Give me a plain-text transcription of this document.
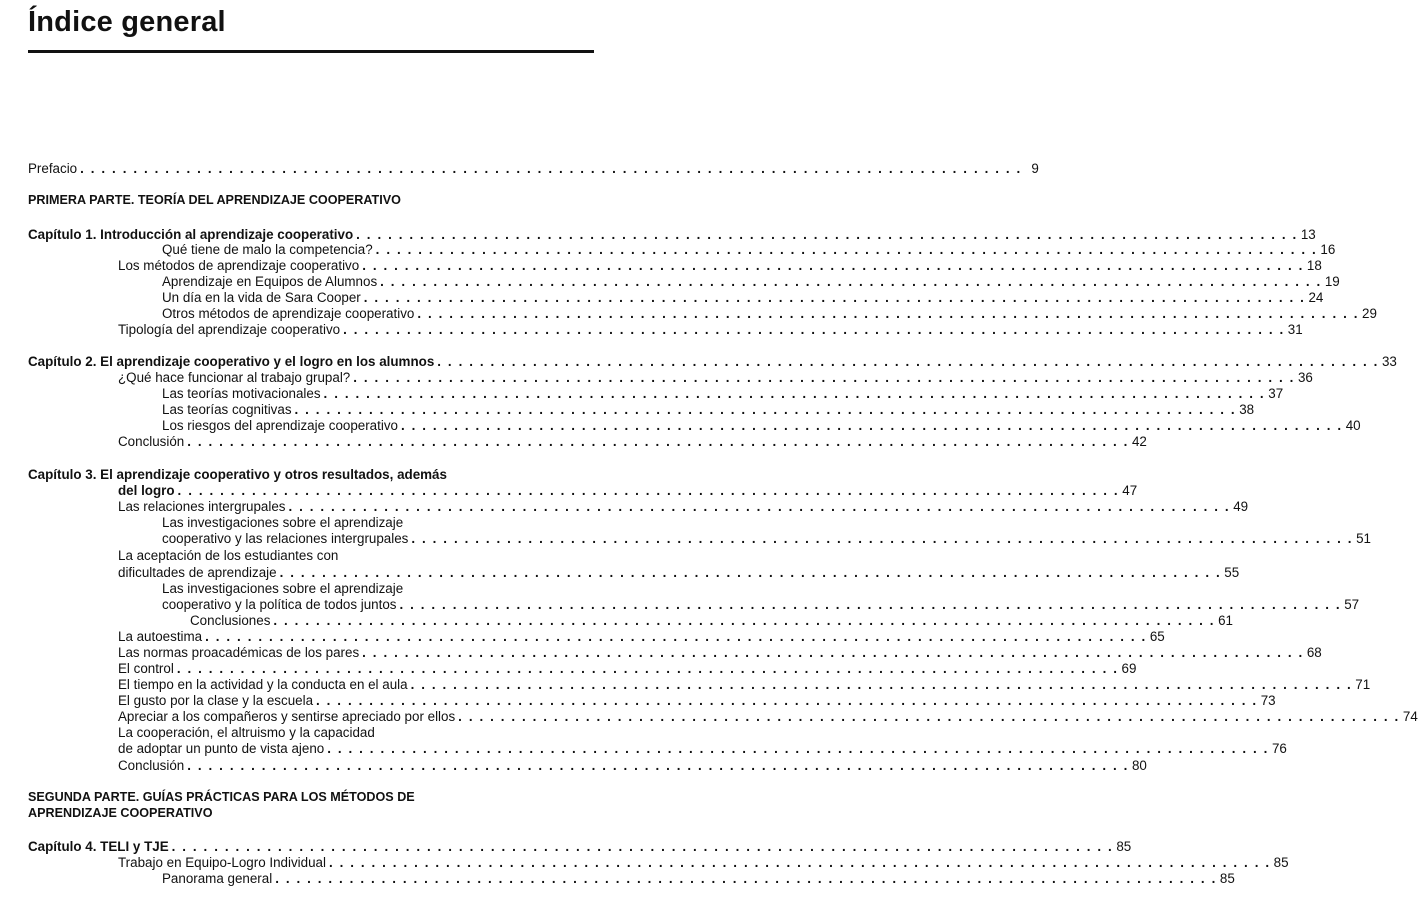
Índice general
Prefacio . . . . . . . . . . . . . . . . . . . . . . . . . . . . . . . . . . . . . . . . . . . . . . . . . . . . . . . . . . . . . . . . . . . . . . . . . . . . . . . . . . . . . . . . . 9
PRIMERA PARTE. TEORÍA DEL APRENDIZAJE COOPERATIVO
Capítulo 1. Introducción al aprendizaje cooperativo . . . . . . . . . . . . . . . . . . . . . . . . . . . . . . . . . . . . . . . . . . . . . . . . . . . . . . . . . . . . . . . . . . . . . . . . . . . . . . . . . . . . . . . . . 13
Qué tiene de malo la competencia? . . . . . . . . . . . . . . . . . . . . . . . . . . . . . . . . . . . . . . . . . . . . . . . . . . . . . . . . . . . . . . . . . . . . . . . . . . . . . . . . . . . . . . . . . 16
Los métodos de aprendizaje cooperativo . . . . . . . . . . . . . . . . . . . . . . . . . . . . . . . . . . . . . . . . . . . . . . . . . . . . . . . . . . . . . . . . . . . . . . . . . . . . . . . . . . . . . . . . . 18
Aprendizaje en Equipos de Alumnos . . . . . . . . . . . . . . . . . . . . . . . . . . . . . . . . . . . . . . . . . . . . . . . . . . . . . . . . . . . . . . . . . . . . . . . . . . . . . . . . . . . . . . . . . 19
Un día en la vida de Sara Cooper . . . . . . . . . . . . . . . . . . . . . . . . . . . . . . . . . . . . . . . . . . . . . . . . . . . . . . . . . . . . . . . . . . . . . . . . . . . . . . . . . . . . . . . . . 24
Otros métodos de aprendizaje cooperativo . . . . . . . . . . . . . . . . . . . . . . . . . . . . . . . . . . . . . . . . . . . . . . . . . . . . . . . . . . . . . . . . . . . . . . . . . . . . . . . . . . . . . . . . . 29
Tipología del aprendizaje cooperativo . . . . . . . . . . . . . . . . . . . . . . . . . . . . . . . . . . . . . . . . . . . . . . . . . . . . . . . . . . . . . . . . . . . . . . . . . . . . . . . . . . . . . . . . . 31
Capítulo 2. El aprendizaje cooperativo y el logro en los alumnos . . . . . . . . . . . . . . . . . . . . . . . . . . . . . . . . . . . . . . . . . . . . . . . . . . . . . . . . . . . . . . . . . . . . . . . . . . . . . . . . . . . . . . . . . 33
¿Qué hace funcionar al trabajo grupal? . . . . . . . . . . . . . . . . . . . . . . . . . . . . . . . . . . . . . . . . . . . . . . . . . . . . . . . . . . . . . . . . . . . . . . . . . . . . . . . . . . . . . . . . . 36
Las teorías motivacionales . . . . . . . . . . . . . . . . . . . . . . . . . . . . . . . . . . . . . . . . . . . . . . . . . . . . . . . . . . . . . . . . . . . . . . . . . . . . . . . . . . . . . . . . . 37
Las teorías cognitivas . . . . . . . . . . . . . . . . . . . . . . . . . . . . . . . . . . . . . . . . . . . . . . . . . . . . . . . . . . . . . . . . . . . . . . . . . . . . . . . . . . . . . . . . . 38
Los riesgos del aprendizaje cooperativo . . . . . . . . . . . . . . . . . . . . . . . . . . . . . . . . . . . . . . . . . . . . . . . . . . . . . . . . . . . . . . . . . . . . . . . . . . . . . . . . . . . . . . . . . 40
Conclusión . . . . . . . . . . . . . . . . . . . . . . . . . . . . . . . . . . . . . . . . . . . . . . . . . . . . . . . . . . . . . . . . . . . . . . . . . . . . . . . . . . . . . . . . . 42
Capítulo 3. El aprendizaje cooperativo y otros resultados, además
del logro . . . . . . . . . . . . . . . . . . . . . . . . . . . . . . . . . . . . . . . . . . . . . . . . . . . . . . . . . . . . . . . . . . . . . . . . . . . . . . . . . . . . . . . . . 47
Las relaciones intergrupales . . . . . . . . . . . . . . . . . . . . . . . . . . . . . . . . . . . . . . . . . . . . . . . . . . . . . . . . . . . . . . . . . . . . . . . . . . . . . . . . . . . . . . . . . 49
Las investigaciones sobre el aprendizaje
cooperativo y las relaciones intergrupales . . . . . . . . . . . . . . . . . . . . . . . . . . . . . . . . . . . . . . . . . . . . . . . . . . . . . . . . . . . . . . . . . . . . . . . . . . . . . . . . . . . . . . . . . 51
La aceptación de los estudiantes con
dificultades de aprendizaje . . . . . . . . . . . . . . . . . . . . . . . . . . . . . . . . . . . . . . . . . . . . . . . . . . . . . . . . . . . . . . . . . . . . . . . . . . . . . . . . . . . . . . . . . 55
Las investigaciones sobre el aprendizaje
cooperativo y la política de todos juntos . . . . . . . . . . . . . . . . . . . . . . . . . . . . . . . . . . . . . . . . . . . . . . . . . . . . . . . . . . . . . . . . . . . . . . . . . . . . . . . . . . . . . . . . . 57
Conclusiones . . . . . . . . . . . . . . . . . . . . . . . . . . . . . . . . . . . . . . . . . . . . . . . . . . . . . . . . . . . . . . . . . . . . . . . . . . . . . . . . . . . . . . . . . 61
La autoestima . . . . . . . . . . . . . . . . . . . . . . . . . . . . . . . . . . . . . . . . . . . . . . . . . . . . . . . . . . . . . . . . . . . . . . . . . . . . . . . . . . . . . . . . . 65
Las normas proacadémicas de los pares . . . . . . . . . . . . . . . . . . . . . . . . . . . . . . . . . . . . . . . . . . . . . . . . . . . . . . . . . . . . . . . . . . . . . . . . . . . . . . . . . . . . . . . . . 68
El control . . . . . . . . . . . . . . . . . . . . . . . . . . . . . . . . . . . . . . . . . . . . . . . . . . . . . . . . . . . . . . . . . . . . . . . . . . . . . . . . . . . . . . . . . 69
El tiempo en la actividad y la conducta en el aula . . . . . . . . . . . . . . . . . . . . . . . . . . . . . . . . . . . . . . . . . . . . . . . . . . . . . . . . . . . . . . . . . . . . . . . . . . . . . . . . . . . . . . . . . 71
El gusto por la clase y la escuela . . . . . . . . . . . . . . . . . . . . . . . . . . . . . . . . . . . . . . . . . . . . . . . . . . . . . . . . . . . . . . . . . . . . . . . . . . . . . . . . . . . . . . . . . 73
Apreciar a los compañeros y sentirse apreciado por ellos . . . . . . . . . . . . . . . . . . . . . . . . . . . . . . . . . . . . . . . . . . . . . . . . . . . . . . . . . . . . . . . . . . . . . . . . . . . . . . . . . . . . . . . . . 74
La cooperación, el altruismo y la capacidad
de adoptar un punto de vista ajeno . . . . . . . . . . . . . . . . . . . . . . . . . . . . . . . . . . . . . . . . . . . . . . . . . . . . . . . . . . . . . . . . . . . . . . . . . . . . . . . . . . . . . . . . . 76
Conclusión . . . . . . . . . . . . . . . . . . . . . . . . . . . . . . . . . . . . . . . . . . . . . . . . . . . . . . . . . . . . . . . . . . . . . . . . . . . . . . . . . . . . . . . . . 80
SEGUNDA PARTE. GUÍAS PRÁCTICAS PARA LOS MÉTODOS DE
APRENDIZAJE COOPERATIVO
Capítulo 4. TELI y TJE . . . . . . . . . . . . . . . . . . . . . . . . . . . . . . . . . . . . . . . . . . . . . . . . . . . . . . . . . . . . . . . . . . . . . . . . . . . . . . . . . . . . . . . . . 85
Trabajo en Equipo-Logro Individual . . . . . . . . . . . . . . . . . . . . . . . . . . . . . . . . . . . . . . . . . . . . . . . . . . . . . . . . . . . . . . . . . . . . . . . . . . . . . . . . . . . . . . . . . 85
Panorama general . . . . . . . . . . . . . . . . . . . . . . . . . . . . . . . . . . . . . . . . . . . . . . . . . . . . . . . . . . . . . . . . . . . . . . . . . . . . . . . . . . . . . . . . . 85
